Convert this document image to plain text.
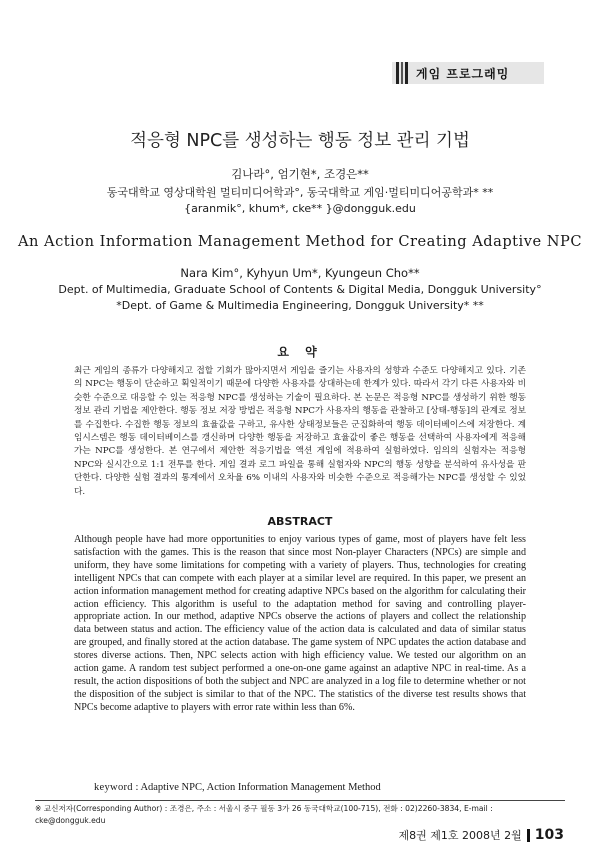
게임 프로그래밍
적응형 NPC를 생성하는 행동 정보 관리 기법
김나라°, 엄기현*, 조경은**
동국대학교 영상대학원 멀티미디어학과°, 동국대학교 게임·멀티미디어공학과* **
{aranmik°, khum*, cke** }@dongguk.edu
An Action Information Management Method for Creating Adaptive NPC
Nara Kim°, Kyhyun Um*, Kyungeun Cho**
Dept. of Multimedia, Graduate School of Contents & Digital Media, Dongguk University°
*Dept. of Game & Multimedia Engineering, Dongguk University* **
요 약

최근 게임의 종류가 다양해지고 접할 기회가 많아지면서 게임을 즐기는 사용자의 성향과 수준도 다양해지고 있다. 기존의 NPC는 행동이 단순하고 획일적이기 때문에 다양한 사용자를 상대하는데 한계가 있다. 따라서 각기 다른 사용자와 비슷한 수준으로 대응할 수 있는 적응형 NPC를 생성하는 기술이 필요하다. 본 논문은 적응형 NPC를 생성하기 위한 행동 정보 관리 기법을 제안한다. 행동 정보 저장 방법은 적응형 NPC가 사용자의 행동을 관찰하고 [상태-행동]의 관계로 정보를 수집한다. 수집한 행동 정보의 효율값을 구하고, 유사한 상태정보들은 군집화하여 행동 데이터베이스에 저장한다. 계임시스템은 행동 데이터베이스를 갱신하며 다양한 행동을 저장하고 효율값이 좋은 행동을 선택하여 사용자에게 적응해가는 NPC를 생성한다. 본 연구에서 제안한 적응기법을 액션 게임에 적용하여 실험하였다. 임의의 실험자는 적응형 NPC와 실시간으로 1:1 전투를 한다. 게임 결과 로그 파일을 통해 실험자와 NPC의 행동 성향을 분석하여 유사성을 판단한다. 다양한 실험 결과의 통계에서 오차율 6% 이내의 사용자와 비슷한 수준으로 적응해가는 NPC를 생성할 수 있었다.

ABSTRACT

Although people have had more opportunities to enjoy various types of game, most of players have felt less satisfaction with the games. This is the reason that since most Non-player Characters (NPCs) are simple and uniform, they have some limitations for competing with a variety of players. Thus, technologies for creating intelligent NPCs that can compete with each player at a similar level are required. In this paper, we present an action information management method for creating adaptive NPCs based on the algorithm for calculating their action efficiency. This algorithm is useful to the adaptation method for saving and controlling player-appropriate action. In our method, adaptive NPCs observe the actions of players and collect the relationship data between status and action. The efficiency value of the action data is calculated and data of similar status are grouped, and finally stored at the action database. The game system of NPC updates the action database and stores diverse actions. Then, NPC selects action with high efficiency value. We tested our algorithm on an action game. A random test subject performed a one-on-one game against an adaptive NPC in real-time. As a result, the action dispositions of both the subject and NPC are analyzed in a log file to determine whether or not the disposition of the subject is similar to that of the NPC. The statistics of the diverse test results shows that NPCs become adaptive to players with error rate within less than 6%.

keyword : Adaptive NPC, Action Information Management Method

※ 교신저자(Corresponding Author) : 조경은, 주소 : 서울시 중구 필동 3가 26 동국대학교(100-715), 전화 : 02)2260-3834, E-mail : cke@dongguk.edu

제8권 제1호 2008년 2월 103
